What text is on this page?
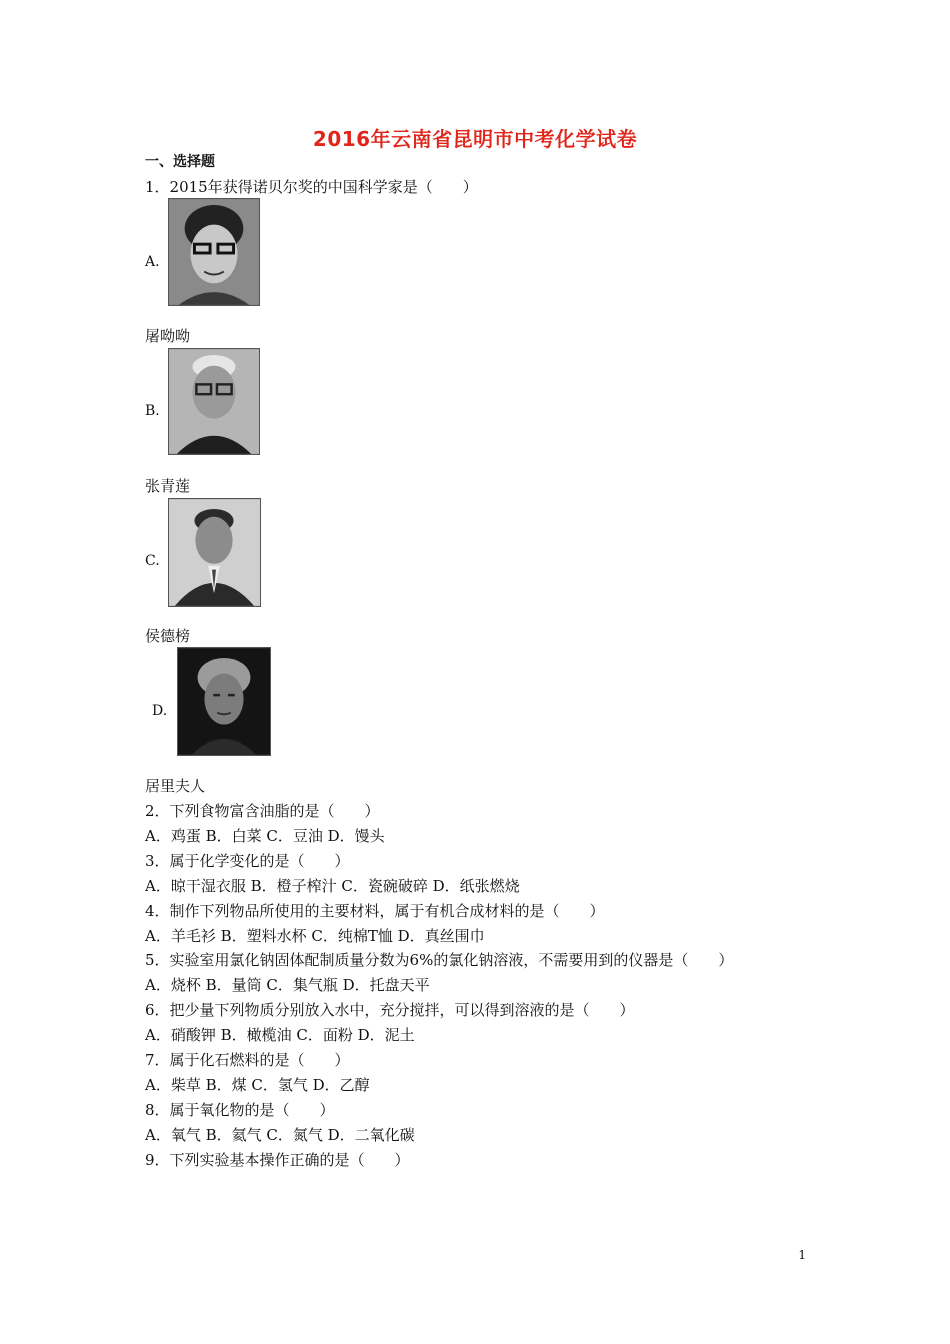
2016年云南省昆明市中考化学试卷
一、选择题
1．2015年获得诺贝尔奖的中国科学家是（　　）
A.
屠呦呦
B.
张青莲
C.
侯德榜
D.
居里夫人
2．下列食物富含油脂的是（　　）
A．鸡蛋 B．白菜 C．豆油 D．馒头
3．属于化学变化的是（　　）
A．晾干湿衣服 B．橙子榨汁 C．瓷碗破碎 D．纸张燃烧
4．制作下列物品所使用的主要材料，属于有机合成材料的是（　　）
A．羊毛衫 B．塑料水杯 C．纯棉T恤 D．真丝围巾
5．实验室用氯化钠固体配制质量分数为6%的氯化钠溶液，不需要用到的仪器是（　　）
A．烧杯 B．量筒 C．集气瓶 D．托盘天平
6．把少量下列物质分别放入水中，充分搅拌，可以得到溶液的是（　　）
A．硝酸钾 B．橄榄油 C．面粉 D．泥土
7．属于化石燃料的是（　　）
A．柴草 B．煤 C．氢气 D．乙醇
8．属于氧化物的是（　　）
A．氧气 B．氦气 C．氮气 D．二氧化碳
9．下列实验基本操作正确的是（　　）
1
